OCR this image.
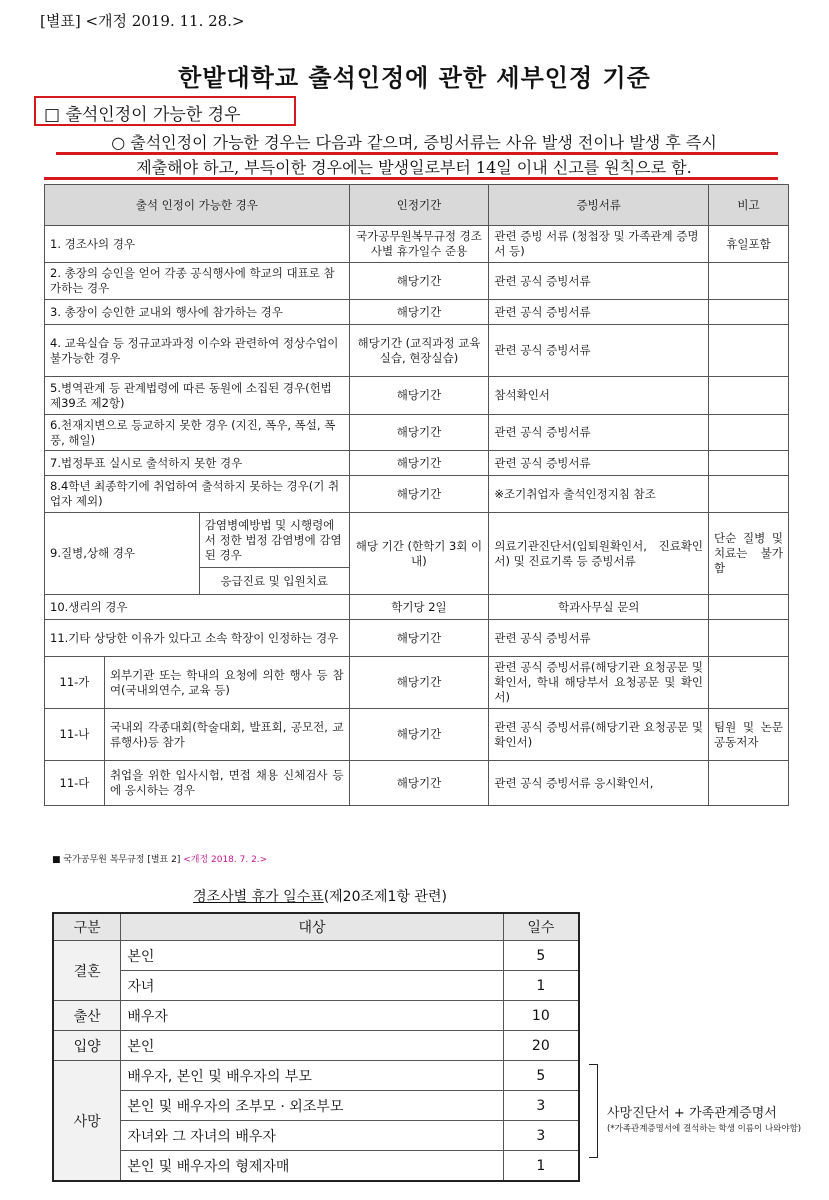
[별표] <개정 2019. 11. 28.>
한밭대학교 출석인정에 관한 세부인정 기준
□ 출석인정이 가능한 경우
○ 출석인정이 가능한 경우는 다음과 같으며, 증빙서류는 사유 발생 전이나 발생 후 즉시
제출해야 하고, 부득이한 경우에는 발생일로부터 14일 이내 신고를 원칙으로 함.
출석 인정이 가능한 경우			인정기간	증빙서류	비고
1. 경조사의 경우			국가공무원복무규정 경조사별 휴가일수 준용	관련 증빙 서류 (청첩장 및 가족관계 증명서 등)	휴일포함
2. 총장의 승인을 얻어 각종 공식행사에 학교의 대표로 참가하는 경우			해당기간	관련 공식 증빙서류	
3. 총장이 승인한 교내외 행사에 참가하는 경우			해당기간	관련 공식 증빙서류	
4. 교육실습 등 정규교과과정 이수와 관련하여 정상수업이 불가능한 경우			해당기간 (교직과정 교육실습, 현장실습)	관련 공식 증빙서류	
5.병역관계 등 관계법령에 따른 동원에 소집된 경우(헌법 제39조 제2항)			해당기간	참석확인서	
6.천재지변으로 등교하지 못한 경우 (지진, 폭우, 폭설, 폭풍, 해일)			해당기간	관련 공식 증빙서류	
7.법정투표 실시로 출석하지 못한 경우			해당기간	관련 공식 증빙서류	
8.4학년 최종학기에 취업하여 출석하지 못하는 경우(기 취업자 제외)			해당기간	※조기취업자 출석인정지침 참조	
9.질병,상해 경우		감염병예방법 및 시행령에서 정한 법정 감염병에 감염된 경우	해당 기간 (한학기 3회 이내)	의료기관진단서(입퇴원확인서, 진료확인서) 및 진료기록 등 증빙서류	단순 질병 및 치료는 불가함
		응급진료 및 입원치료			
10.생리의 경우			학기당 2일	학과사무실 문의	
11.기타 상당한 이유가 있다고 소속 학장이 인정하는 경우			해당기간	관련 공식 증빙서류	
11-가	외부기관 또는 학내의 요청에 의한 행사 등 참여(국내외연수, 교육 등)		해당기간	관련 공식 증빙서류(해당기관 요청공문 및 확인서, 학내 해당부서 요청공문 및 확인서)	
11-나	국내외 각종대회(학술대회, 발표회, 공모전, 교류행사)등 참가		해당기간	관련 공식 증빙서류(해당기관 요청공문 및 확인서)	팀원 및 논문 공동저자
11-다	취업을 위한 입사시험, 면접 채용 신체검사 등에 응시하는 경우		해당기간	관련 공식 증빙서류 응시확인서,	
■ 국가공무원 복무규정 [별표 2] <개정 2018. 7. 2.>
경조사별 휴가 일수표(제20조제1항 관련)
구분	대상	일수
결혼	본인	5
	자녀	1
출산	배우자	10
입양	본인	20
사망	배우자, 본인 및 배우자의 부모	5
	본인 및 배우자의 조부모 · 외조부모	3
	자녀와 그 자녀의 배우자	3
	본인 및 배우자의 형제자매	1
사망진단서 + 가족관계증명서
(*가족관계증명서에 결석하는 학생 이름이 나와야함)
